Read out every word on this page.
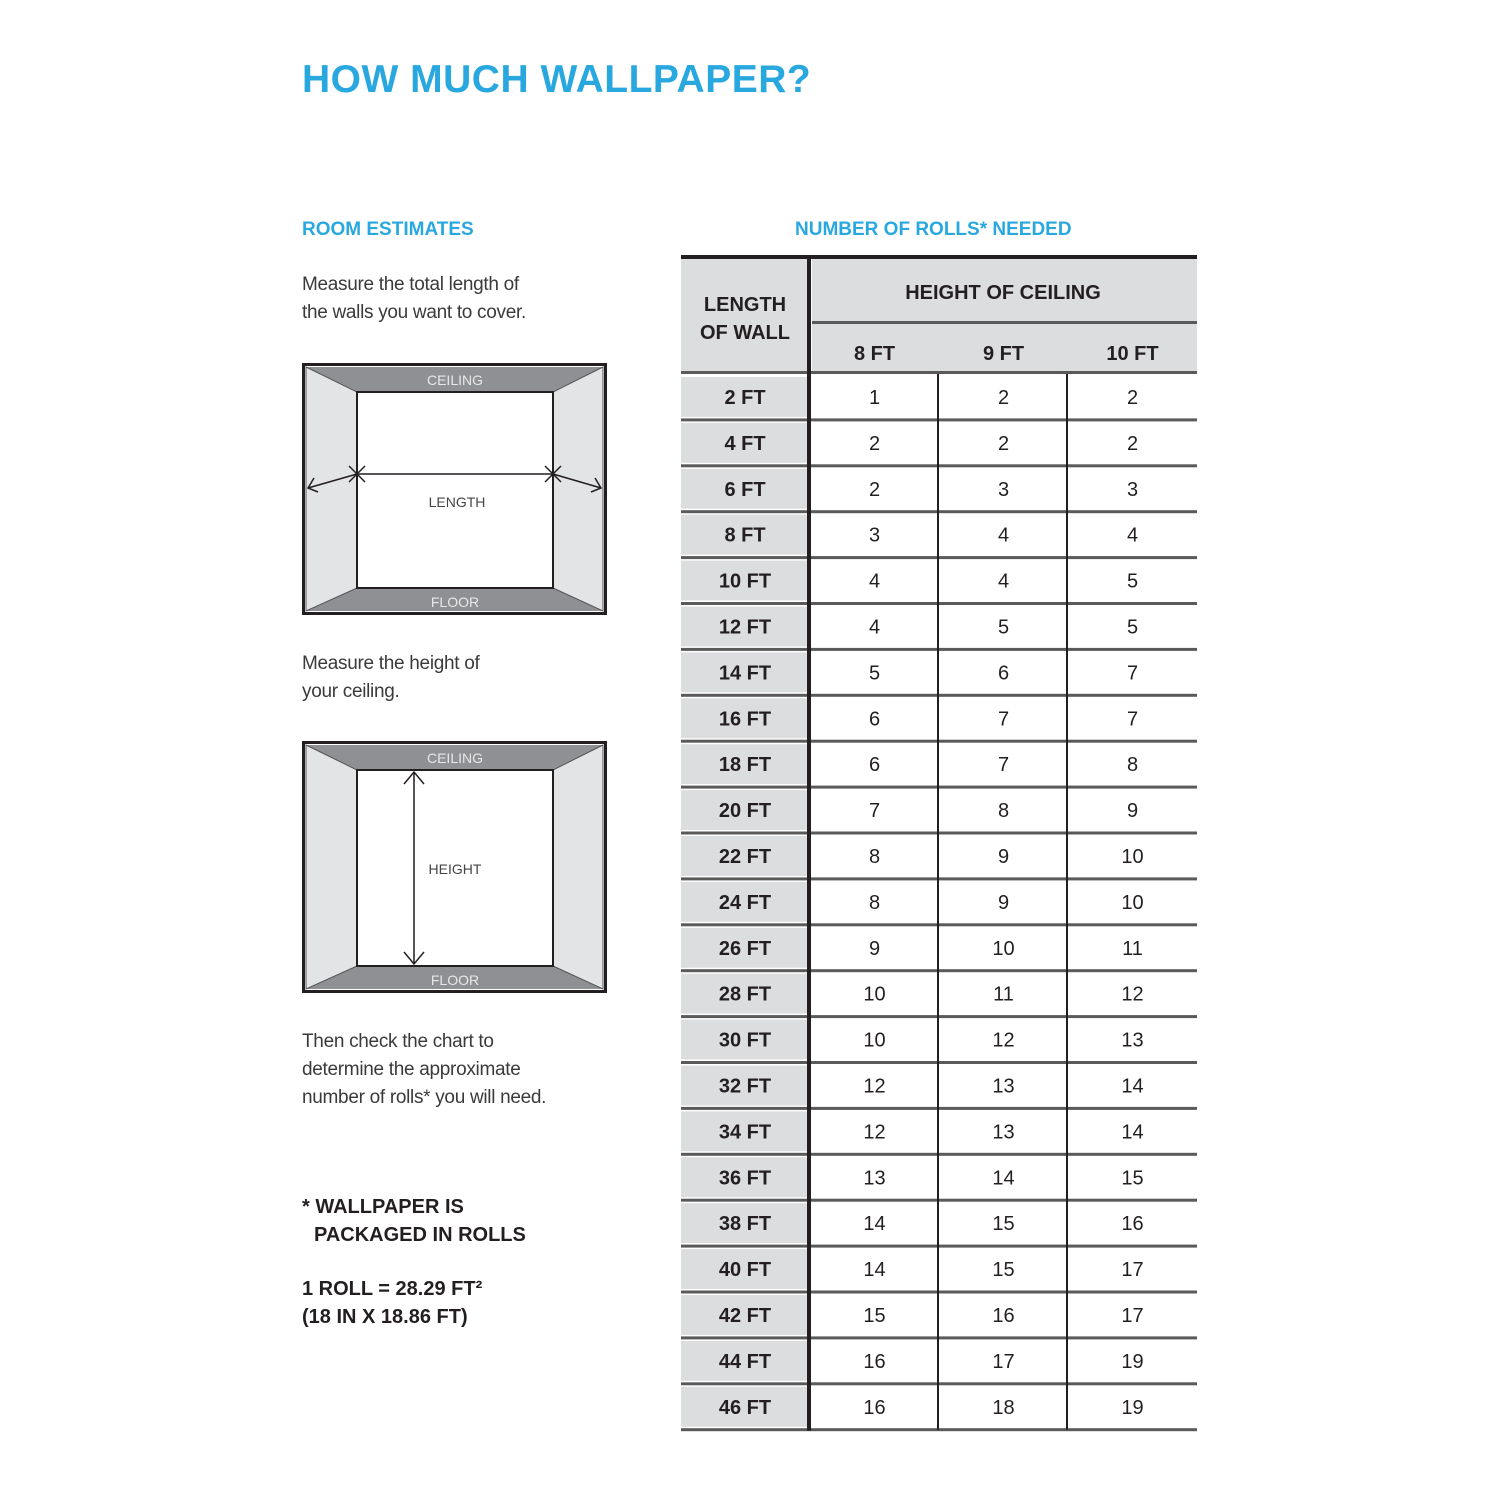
HOW MUCH WALLPAPER?
ROOM ESTIMATES	NUMBER OF ROLLS* NEEDED
Measure the total length of
the walls you want to cover.
CEILING
FLOOR
LENGTH
Measure the height of
your ceiling.
CEILING
FLOOR
HEIGHT
Then check the chart to
determine the approximate
number of rolls* you will need.
* WALLPAPER IS
PACKAGED IN ROLLS
1 ROLL = 28.29 FT²
(18 IN X 18.86 FT)
LENGTH
OF WALL
HEIGHT OF CEILING
8 FT	9 FT	10 FT
2 FT	1	2	2
4 FT	2	2	2
6 FT	2	3	3
8 FT	3	4	4
10 FT	4	4	5
12 FT	4	5	5
14 FT	5	6	7
16 FT	6	7	7
18 FT	6	7	8
20 FT	7	8	9
22 FT	8	9	10
24 FT	8	9	10
26 FT	9	10	11
28 FT	10	11	12
30 FT	10	12	13
32 FT	12	13	14
34 FT	12	13	14
36 FT	13	14	15
38 FT	14	15	16
40 FT	14	15	17
42 FT	15	16	17
44 FT	16	17	19
46 FT	16	18	19
